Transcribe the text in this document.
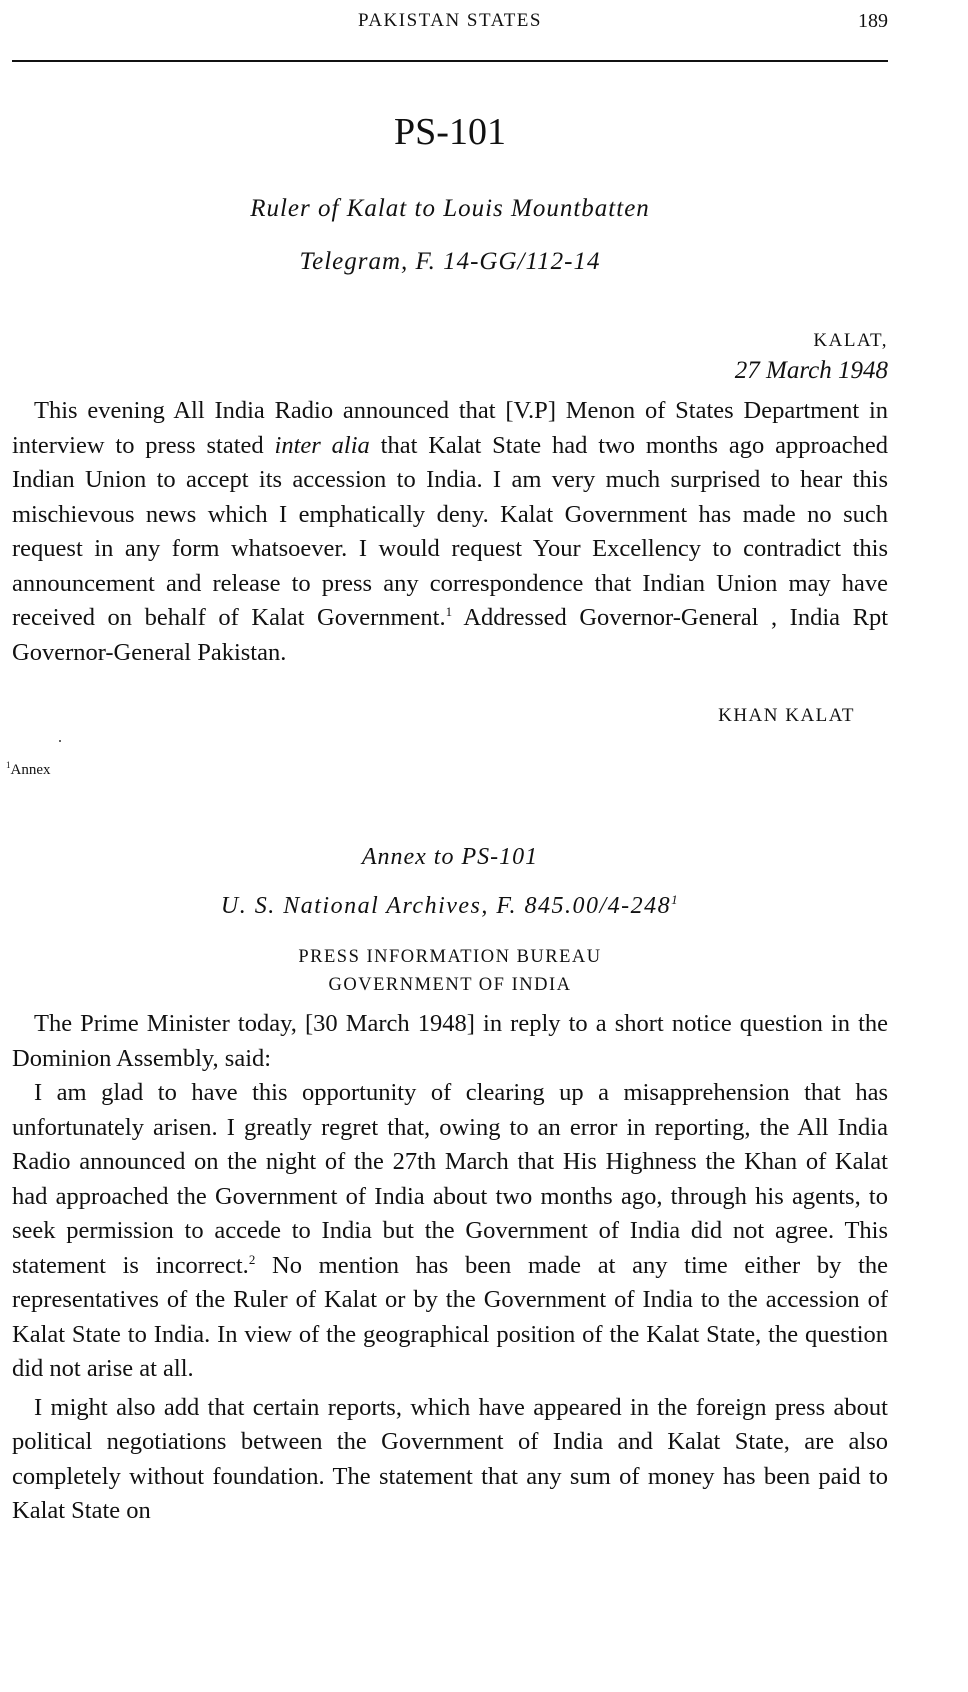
PAKISTAN STATES	189
PS-101
Ruler of Kalat to Louis Mountbatten
Telegram, F. 14-GG/112-14
KALAT,
27 March 1948

This evening All India Radio announced that [V.P] Menon of States Department in interview to press stated inter alia that Kalat State had two months ago approached Indian Union to accept its accession to India. I am very much surprised to hear this mischievous news which I emphatically deny. Kalat Government has made no such request in any form whatsoever. I would request Your Excellency to contradict this announcement and release to press any correspondence that Indian Union may have received on behalf of Kalat Government.$^1$ Addressed Governor-General , India Rpt Governor-General Pakistan.

KHAN KALAT
$^1$Annex
Annex to PS-101
U. S. National Archives, F. $845.00/4-248^1$
PRESS INFORMATION BUREAU
GOVERNMENT OF INDIA

The Prime Minister today, [30 March 1948] in reply to a short notice question in the Dominion Assembly, said:

I am glad to have this opportunity of clearing up a misapprehension that has unfortunately arisen. I greatly regret that, owing to an error in reporting, the All India Radio announced on the night of the 27th March that His Highness the Khan of Kalat had approached the Government of India about two months ago, through his agents, to seek permission to accede to India but the Government of India did not agree. This statement is incorrect.$^2$ No mention has been made at any time either by the representatives of the Ruler of Kalat or by the Government of India to the accession of Kalat State to India. In view of the geographical position of the Kalat State, the question did not arise at all.

I might also add that certain reports, which have appeared in the foreign press about political negotiations between the Government of India and Kalat State, are also completely without foundation. The statement that any sum of money has been paid to Kalat State on
